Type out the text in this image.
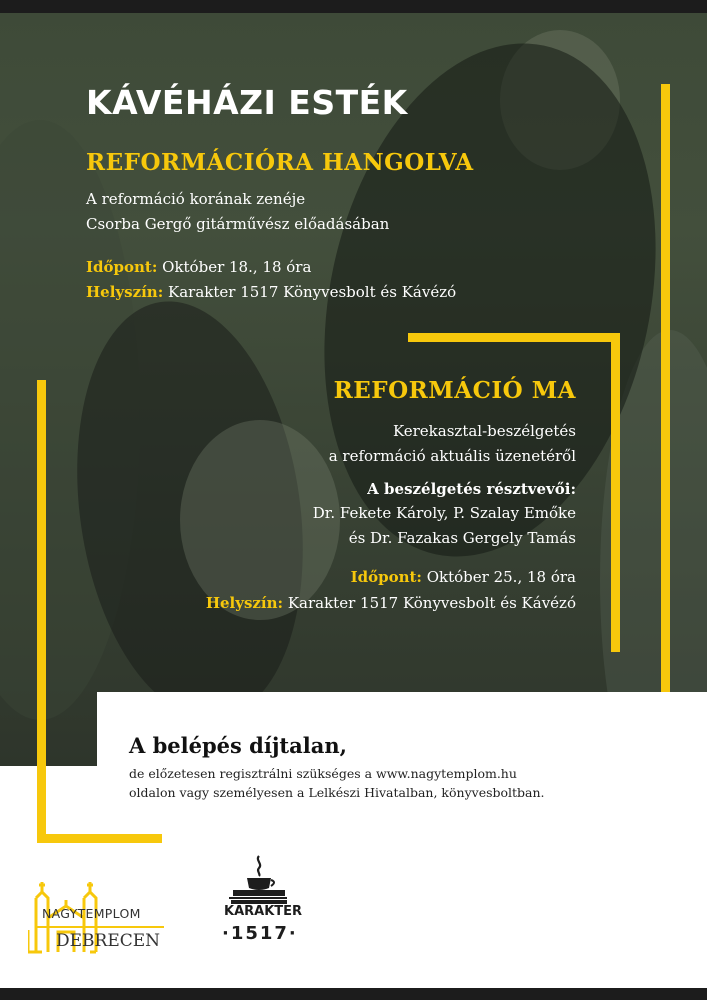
KÁVÉHÁZI ESTÉK

REFORMÁCIÓRA HANGOLVA

A reformáció korának zenéje

Csorba Gergő gitárművész előadásában

Időpont: Október 18., 18 óra

Helyszín: Karakter 1517 Könyvesbolt és Kávézó

REFORMÁCIÓ MA

Kerekasztal-beszélgetés

a reformáció aktuális üzenetéről

A beszélgetés résztvevői:

Dr. Fekete Károly, P. Szalay Emőke

és Dr. Fazakas Gergely Tamás

Időpont: Október 25., 18 óra

Helyszín: Karakter 1517 Könyvesbolt és Kávézó

A belépés díjtalan,

de előzetesen regisztrálni szükséges a www.nagytemplom.hu

oldalon vagy személyesen a Lelkészi Hivatalban, könyvesboltban.

NAGYTEMPLOM
DEBRECEN
KARAKTER
·1517·
